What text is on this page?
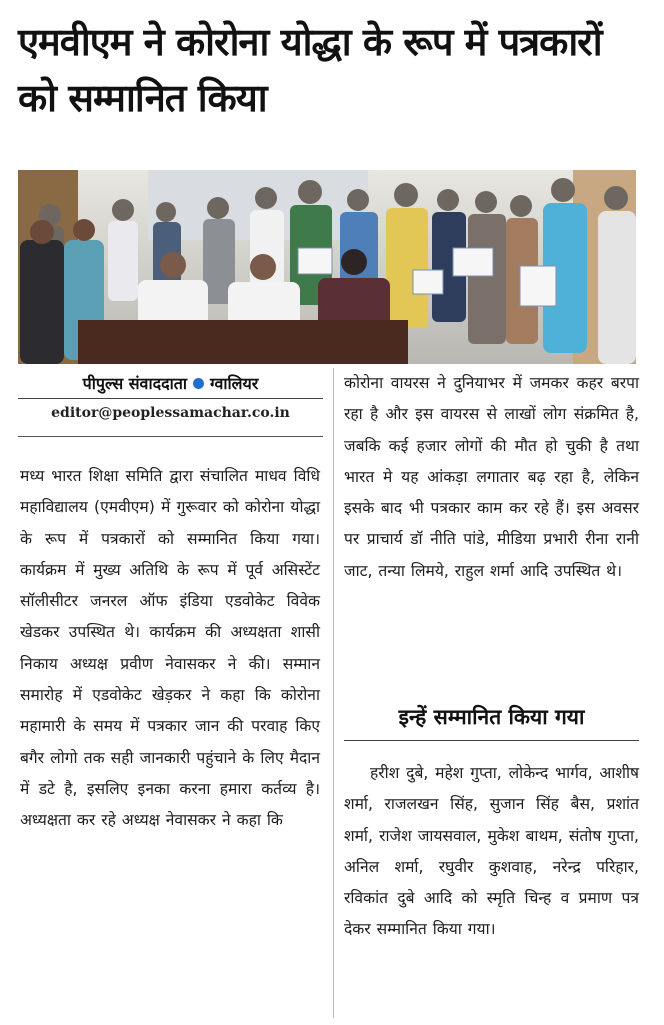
एमवीएम ने कोरोना योद्धा के रूप में पत्रकारों को सम्मानित किया
पीपुल्स संवाददाता ग्वालियर
editor@peoplessamachar.co.in

मध्य भारत शिक्षा समिति द्वारा संचालित माधव विधि महाविद्यालय (एमवीएम) में गुरूवार को कोरोना योद्धा के रूप में पत्रकारों को सम्मानित किया गया। कार्यक्रम में मुख्य अतिथि के रूप में पूर्व असिस्टेंट सॉलीसीटर जनरल ऑफ इंडिया एडवोकेट विवेक खेडकर उपस्थित थे। कार्यक्रम की अध्यक्षता शासी निकाय अध्यक्ष प्रवीण नेवासकर ने की। सम्मान समारोह में एडवोकेट खेड़कर ने कहा कि कोरोना महामारी के समय में पत्रकार जान की परवाह किए बगैर लोगो तक सही जानकारी पहुंचाने के लिए मैदान में डटे है, इसलिए इनका करना हमारा कर्तव्य है। अध्यक्षता कर रहे अध्यक्ष नेवासकर ने कहा कि

कोरोना वायरस ने दुनियाभर में जमकर कहर बरपा रहा है और इस वायरस से लाखों लोग संक्रमित है, जबकि कई हजार लोगों की मौत हो चुकी है तथा भारत मे यह आंकड़ा लगातार बढ़ रहा है, लेकिन इसके बाद भी पत्रकार काम कर रहे हैं। इस अवसर पर प्राचार्य डॉ नीति पांडे, मीडिया प्रभारी रीना रानी जाट, तन्या लिमये, राहुल शर्मा आदि उपस्थित थे।

इन्हें सम्मानित किया गया

हरीश दुबे, महेश गुप्ता, लोकेन्द भार्गव, आशीष शर्मा, राजलखन सिंह, सुजान सिंह बैस, प्रशांत शर्मा, राजेश जायसवाल, मुकेश बाथम, संतोष गुप्ता, अनिल शर्मा, रघुवीर कुशवाह, नरेन्द्र परिहार, रविकांत दुबे आदि को स्मृति चिन्ह व प्रमाण पत्र देकर सम्मानित किया गया।
